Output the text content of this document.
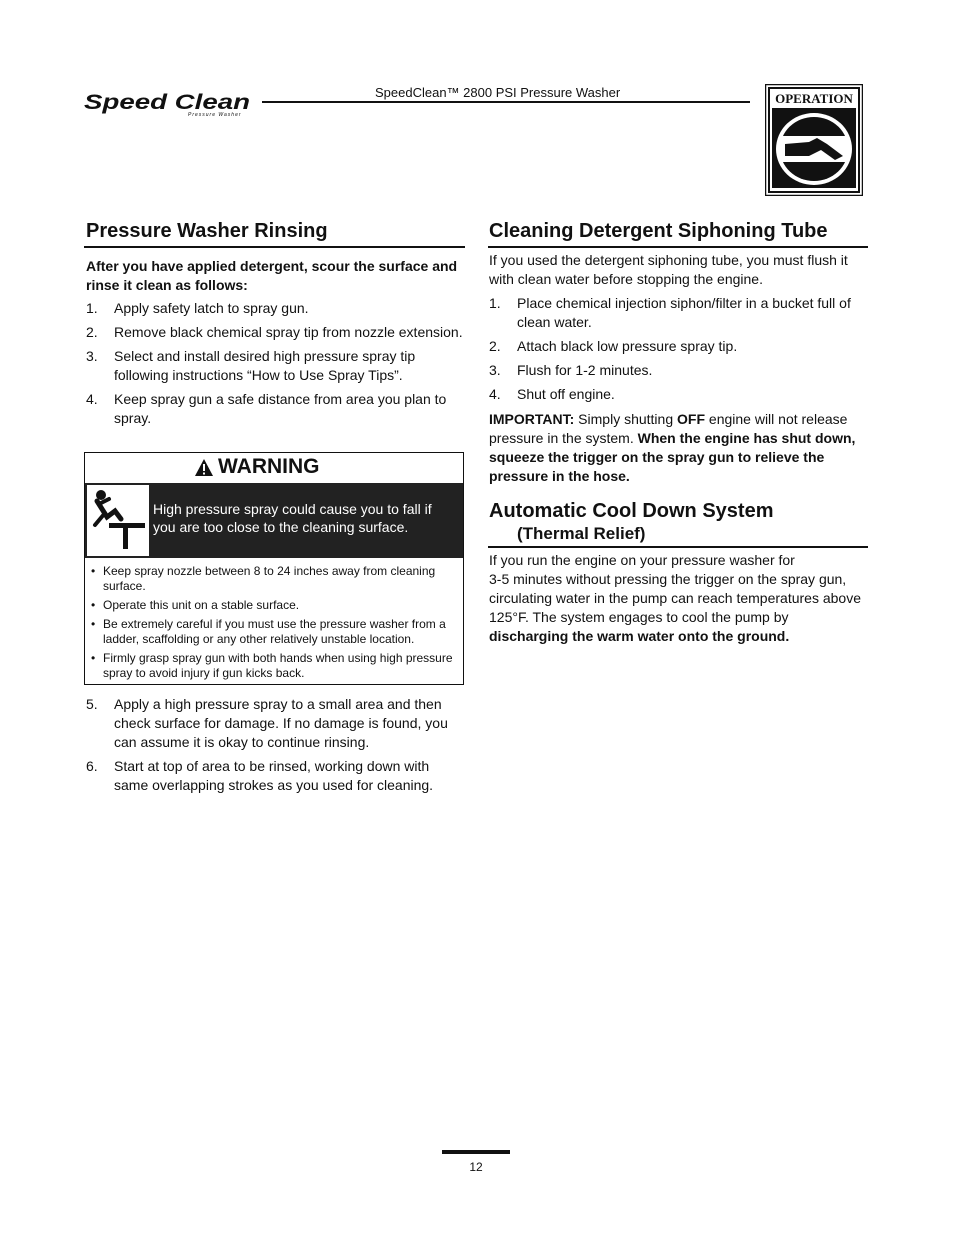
Speed Clean
Pressure Washer
SpeedClean™ 2800 PSI Pressure Washer	OPERATION
Pressure Washer Rinsing
After you have applied detergent, scour the surface and rinse it clean as follows:
1. Apply safety latch to spray gun.
2. Remove black chemical spray tip from nozzle extension.
3. Select and install desired high pressure spray tip following instructions “How to Use Spray Tips”.
4. Keep spray gun a safe distance from area you plan to spray.
WARNING
High pressure spray could cause you to fall if you are too close to the cleaning surface.
• Keep spray nozzle between 8 to 24 inches away from cleaning surface.
• Operate this unit on a stable surface.
• Be extremely careful if you must use the pressure washer from a ladder, scaffolding or any other relatively unstable location.
• Firmly grasp spray gun with both hands when using high pressure spray to avoid injury if gun kicks back.
5. Apply a high pressure spray to a small area and then check surface for damage. If no damage is found, you can assume it is okay to continue rinsing.
6. Start at top of area to be rinsed, working down with same overlapping strokes as you used for cleaning.
Cleaning Detergent Siphoning Tube
If you used the detergent siphoning tube, you must flush it with clean water before stopping the engine.
1. Place chemical injection siphon/filter in a bucket full of clean water.
2. Attach black low pressure spray tip.
3. Flush for 1-2 minutes.
4. Shut off engine.
IMPORTANT: Simply shutting OFF engine will not release pressure in the system. When the engine has shut down, squeeze the trigger on the spray gun to relieve the pressure in the hose.
Automatic Cool Down System
(Thermal Relief)
If you run the engine on your pressure washer for
3-5 minutes without pressing the trigger on the spray gun, circulating water in the pump can reach temperatures above 125°F. The system engages to cool the pump by discharging the warm water onto the ground.
12
